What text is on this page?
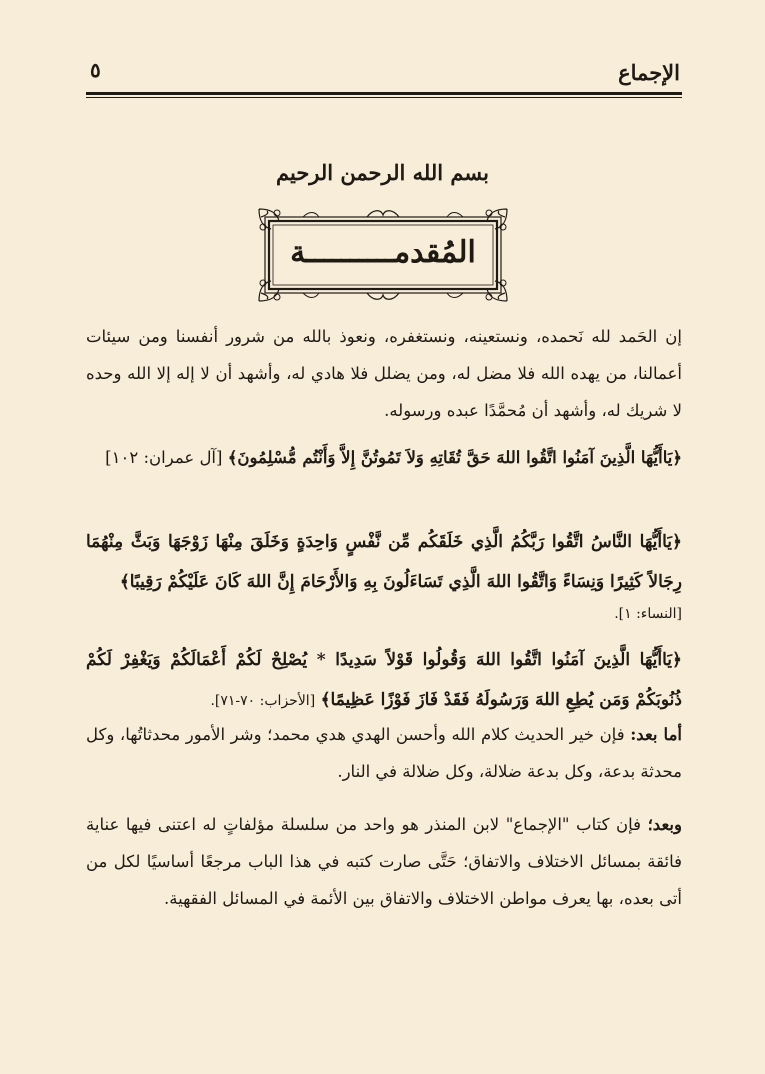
الإجماع
٥
بسم الله الرحمن الرحيم
المُقدمــــــــــة

إن الحَمد لله نَحمده، ونستعينه، ونستغفره، ونعوذ بالله من شرور أنفسنا ومن سيئات أعمالنا، من يهده الله فلا مضل له، ومن يضلل فلا هادي له، وأشهد أن لا إله إلا الله وحده لا شريك له، وأشهد أن مُحمَّدًا عبده ورسوله.

﴿يَاأَيُّهَا الَّذِينَ آمَنُوا اتَّقُوا اللهَ حَقَّ تُقَاتِهِ وَلاَ تَمُوتُنَّ إِلاَّ وَأَنْتُم مُّسْلِمُونَ﴾ [آل عمران: ١٠٢]

﴿يَاأَيُّهَا النَّاسُ اتَّقُوا رَبَّكُمُ الَّذِي خَلَقَكُم مِّن نَّفْسٍ وَاحِدَةٍ وَخَلَقَ مِنْهَا زَوْجَهَا وَبَثَّ مِنْهُمَا رِجَالاً كَثِيرًا وَنِسَاءً وَاتَّقُوا اللهَ الَّذِي تَسَاءَلُونَ بِهِ وَالأَرْحَامَ إِنَّ اللهَ كَانَ عَلَيْكُمْ رَقِيبًا﴾

[النساء: ١].

﴿يَاأَيُّهَا الَّذِينَ آمَنُوا اتَّقُوا اللهَ وَقُولُوا قَوْلاً سَدِيدًا * يُصْلِحْ لَكُمْ أَعْمَالَكُمْ وَيَغْفِرْ لَكُمْ ذُنُوبَكُمْ وَمَن يُطِعِ اللهَ وَرَسُولَهُ فَقَدْ فَازَ فَوْزًا عَظِيمًا﴾ [الأحزاب: ٧٠-٧١].

أما بعد: فإن خير الحديث كلام الله وأحسن الهدي هدي محمد؛ وشر الأمور محدثاتُها، وكل محدثة بدعة، وكل بدعة ضلالة، وكل ضلالة في النار.

وبعد؛ فإن كتاب "الإجماع" لابن المنذر هو واحد من سلسلة مؤلفاتٍ له اعتنى فيها عناية فائقة بمسائل الاختلاف والاتفاق؛ حَتَّى صارت كتبه في هذا الباب مرجعًا أساسيًا لكل من أتى بعده، بها يعرف مواطن الاختلاف والاتفاق بين الأئمة في المسائل الفقهية.
